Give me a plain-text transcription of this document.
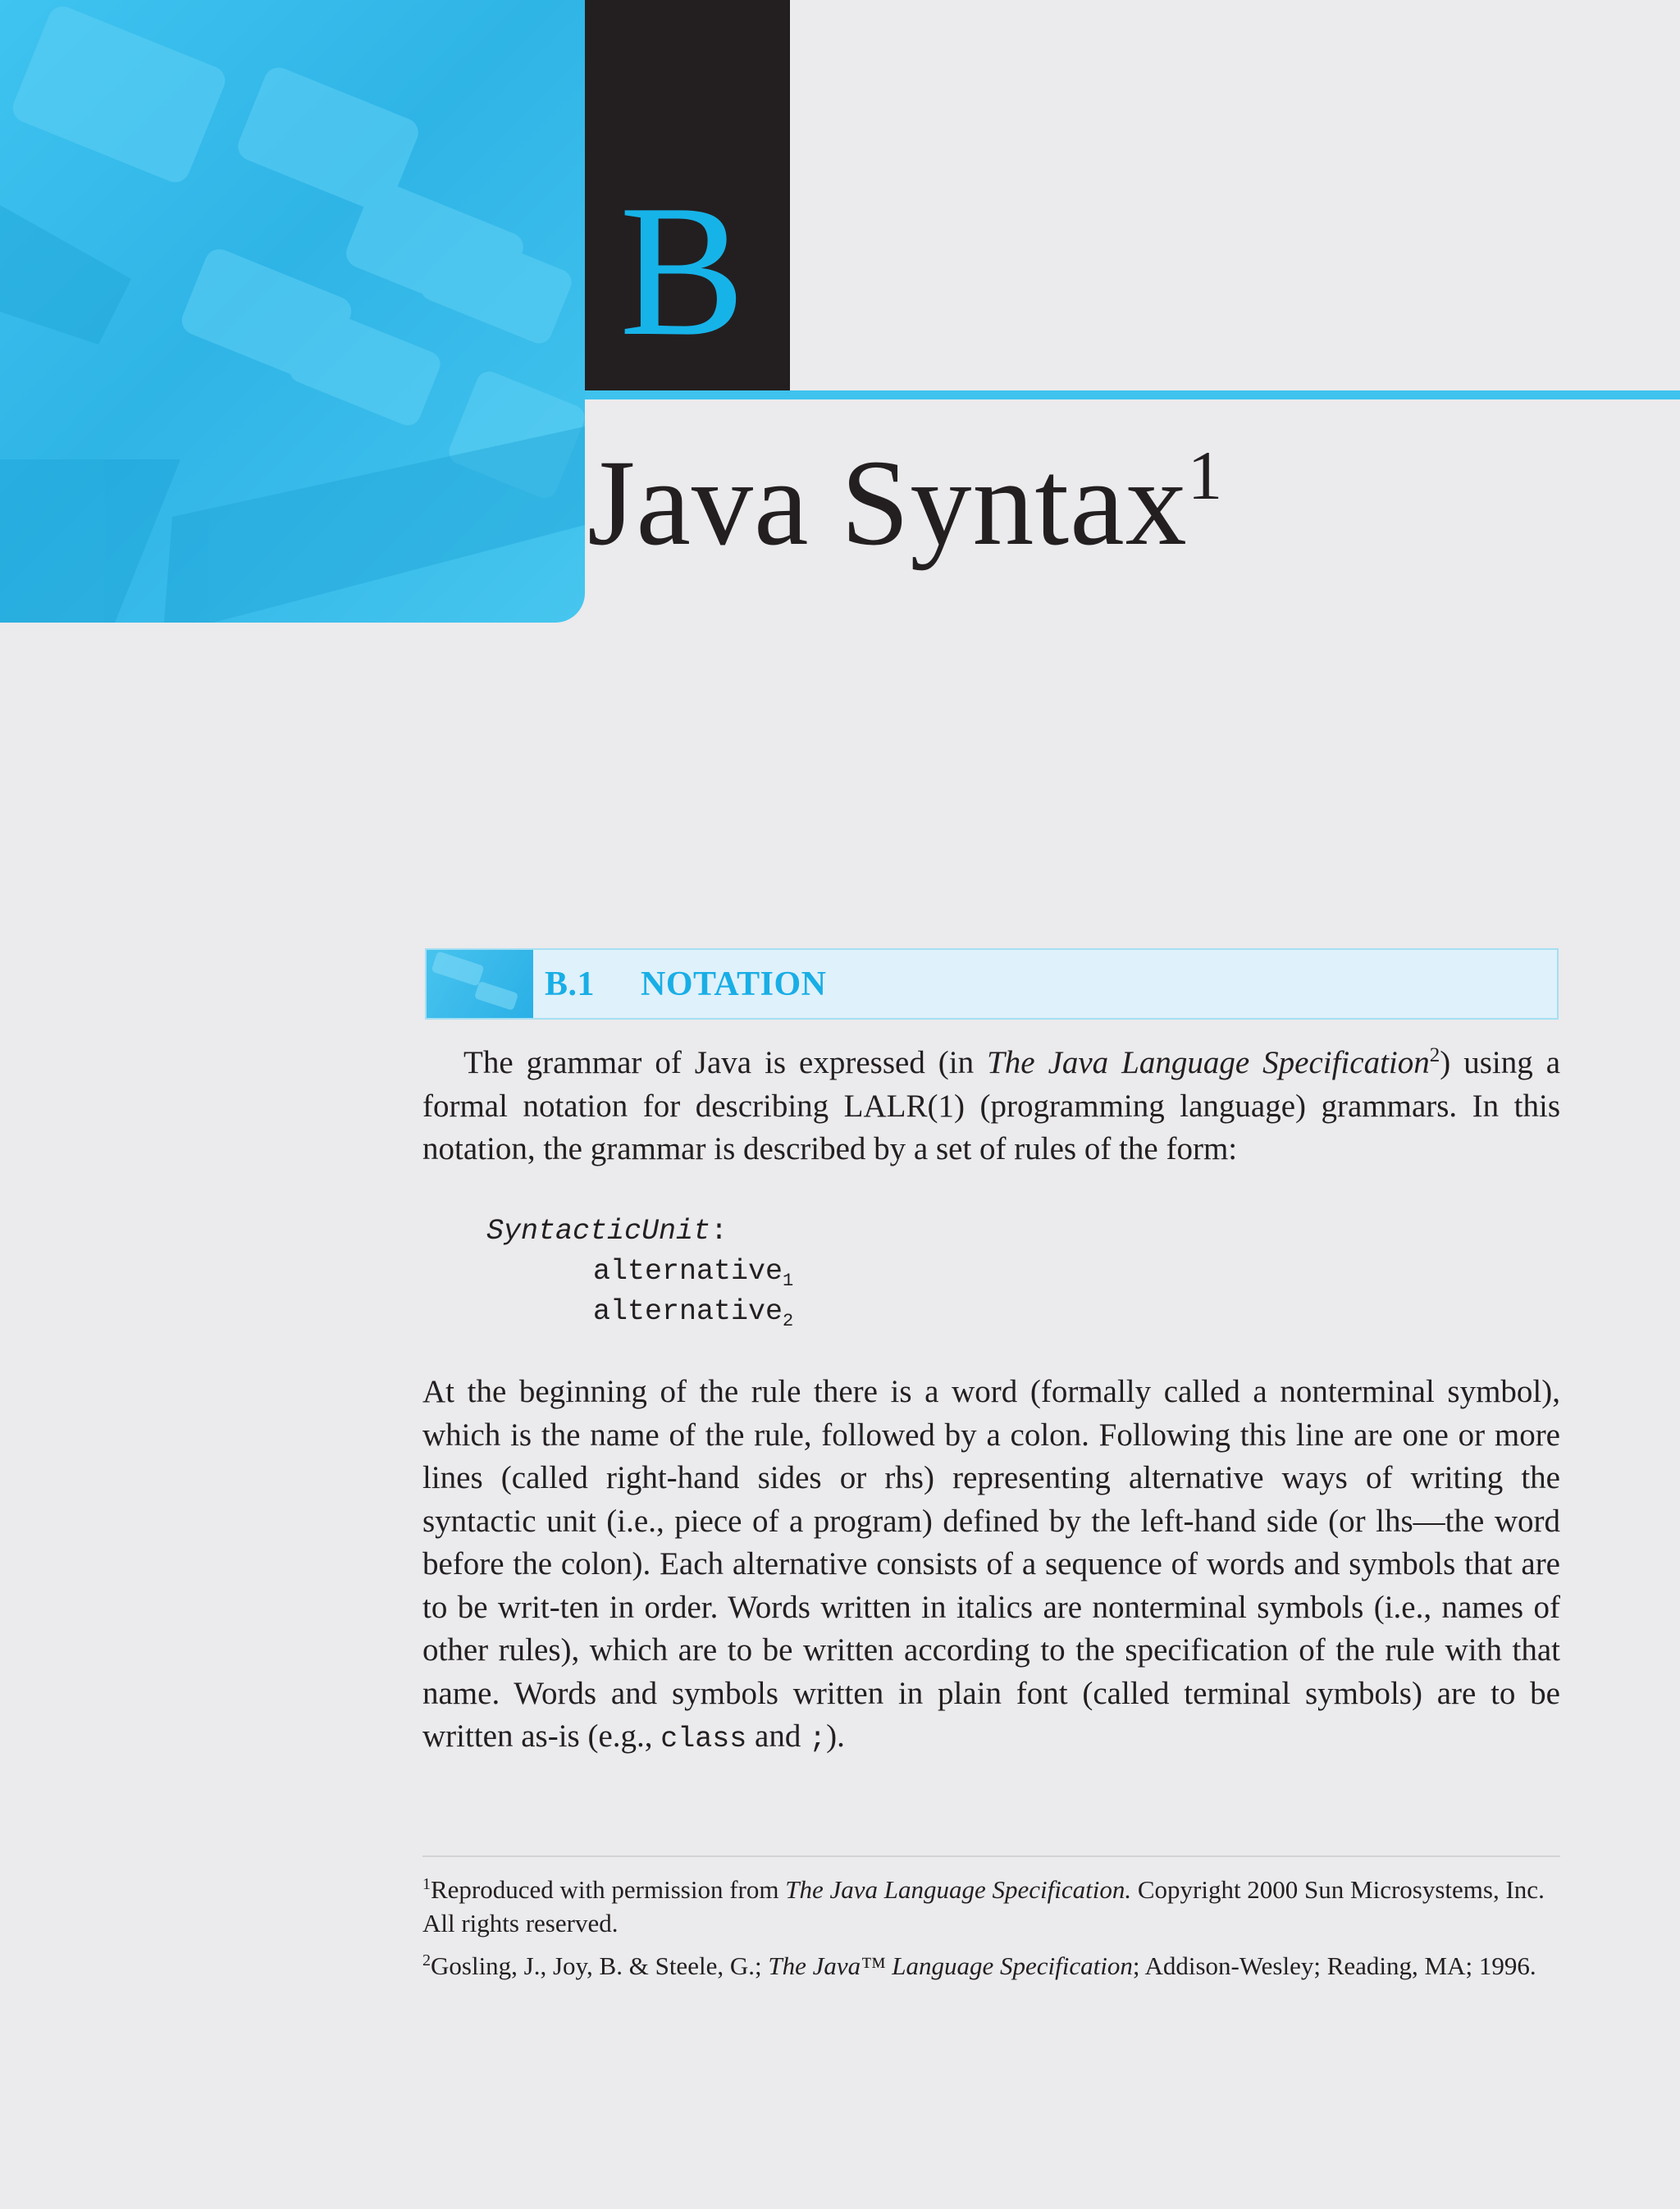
B
Java Syntax$^1$
B.1 NOTATION

The grammar of Java is expressed (in The Java Language Specification$^2$) using a formal notation for describing LALR(1) (programming language) grammars. In this notation, the grammar is described by a set of rules of the form:

SyntacticUnit:
alternative$_1$
alternative$_2$

At the beginning of the rule there is a word (formally called a nonterminal symbol), which is the name of the rule, followed by a colon. Following this line are one or more lines (called right-hand sides or rhs) representing alternative ways of writing the syntactic unit (i.e., piece of a program) defined by the left-hand side (or lhs—the word before the colon). Each alternative consists of a sequence of words and symbols that are to be writ-ten in order. Words written in italics are nonterminal symbols (i.e., names of other rules), which are to be written according to the specification of the rule with that name. Words and symbols written in plain font (called terminal symbols) are to be written as-is (e.g., class and ;).

$^1$Reproduced with permission from The Java Language Specification. Copyright 2000 Sun Microsystems, Inc. All rights reserved.

$^2$Gosling, J., Joy, B. & Steele, G.; The Java™ Language Specification; Addison-Wesley; Reading, MA; 1996.
